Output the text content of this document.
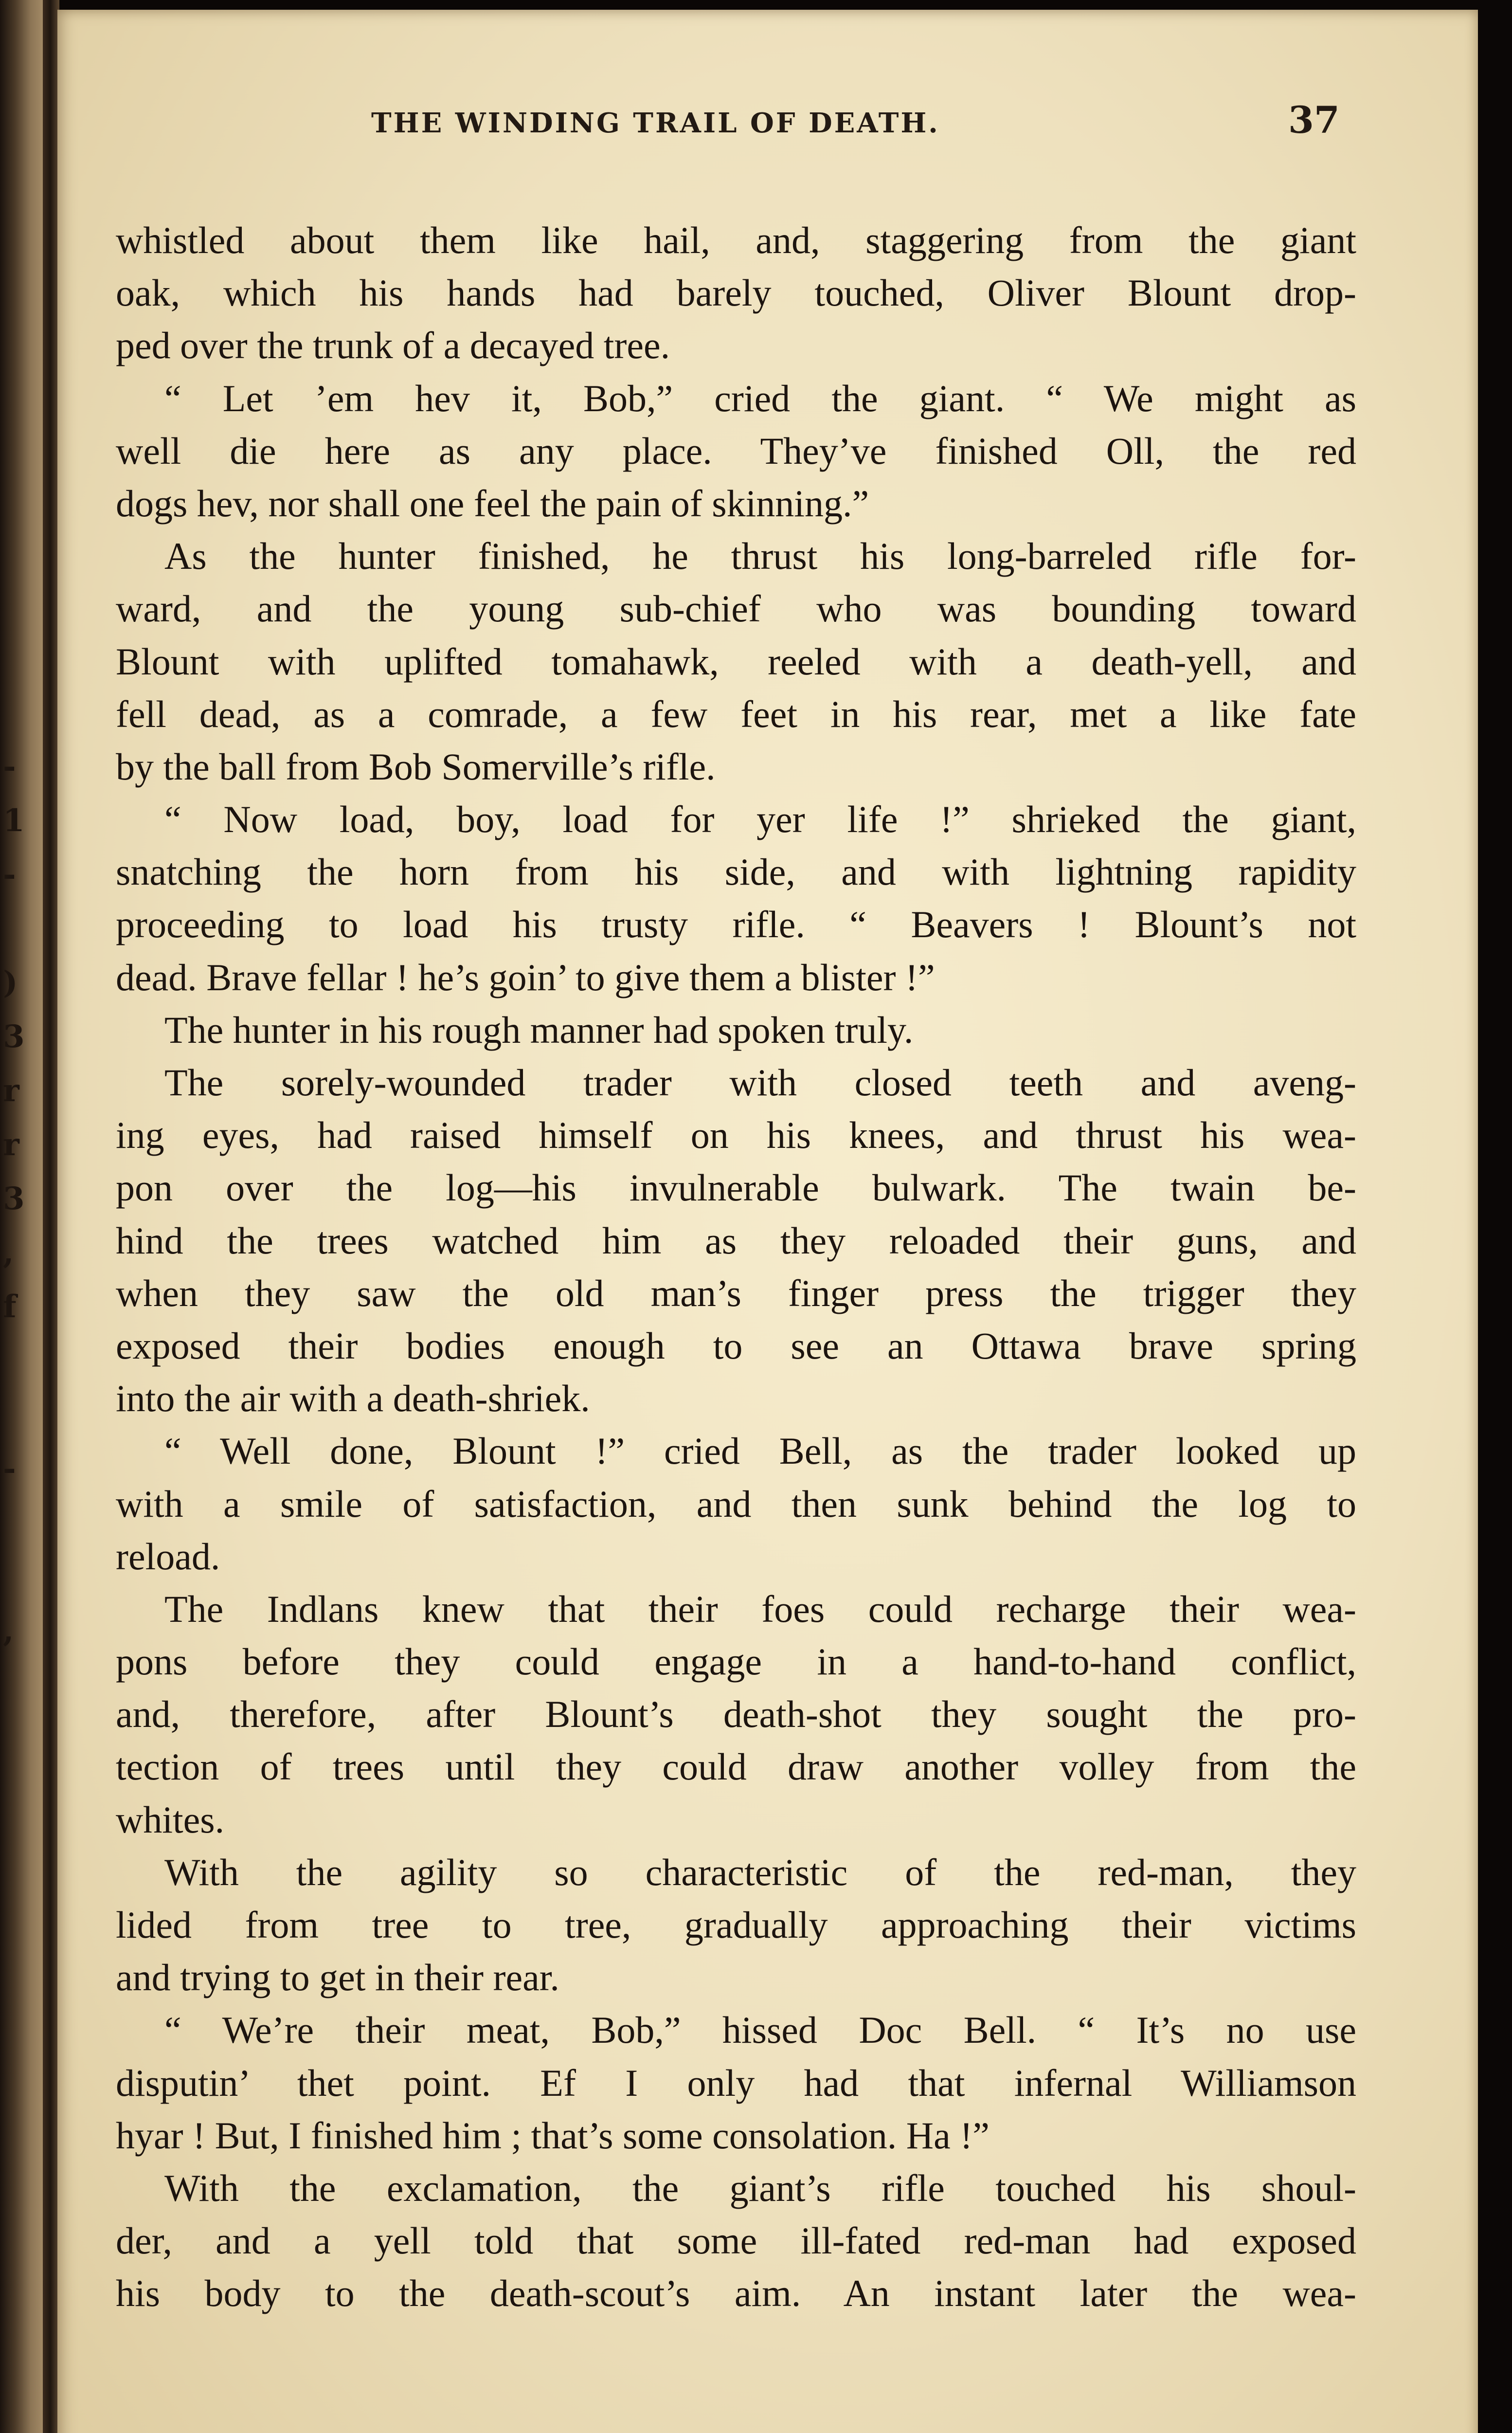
-
1
-
)
3
r
r
3
,
f
-
,
THE WINDING TRAIL OF DEATH.	37
whistled about them like hail, and, staggering from the giant
oak, which his hands had barely touched, Oliver Blount drop-
ped over the trunk of a decayed tree.
“ Let ’em hev it, Bob,” cried the giant. “ We might as
well die here as any place. They’ve finished Oll, the red
dogs hev, nor shall one feel the pain of skinning.”
As the hunter finished, he thrust his long-barreled rifle for-
ward, and the young sub-chief who was bounding toward
Blount with uplifted tomahawk, reeled with a death-yell, and
fell dead, as a comrade, a few feet in his rear, met a like fate
by the ball from Bob Somerville’s rifle.
“ Now load, boy, load for yer life !” shrieked the giant,
snatching the horn from his side, and with lightning rapidity
proceeding to load his trusty rifle. “ Beavers ! Blount’s not
dead. Brave fellar ! he’s goin’ to give them a blister !”
The hunter in his rough manner had spoken truly.
The sorely-wounded trader with closed teeth and aveng-
ing eyes, had raised himself on his knees, and thrust his wea-
pon over the log—his invulnerable bulwark. The twain be-
hind the trees watched him as they reloaded their guns, and
when they saw the old man’s finger press the trigger they
exposed their bodies enough to see an Ottawa brave spring
into the air with a death-shriek.
“ Well done, Blount !” cried Bell, as the trader looked up
with a smile of satisfaction, and then sunk behind the log to
reload.
The Indlans knew that their foes could recharge their wea-
pons before they could engage in a hand-to-hand conflict,
and, therefore, after Blount’s death-shot they sought the pro-
tection of trees until they could draw another volley from the
whites.
With the agility so characteristic of the red-man, they
lided from tree to tree, gradually approaching their victims
and trying to get in their rear.
“ We’re their meat, Bob,” hissed Doc Bell. “ It’s no use
disputin’ thet point. Ef I only had that infernal Williamson
hyar ! But, I finished him ; that’s some consolation. Ha !”
With the exclamation, the giant’s rifle touched his shoul-
der, and a yell told that some ill-fated red-man had exposed
his body to the death-scout’s aim. An instant later the wea-
